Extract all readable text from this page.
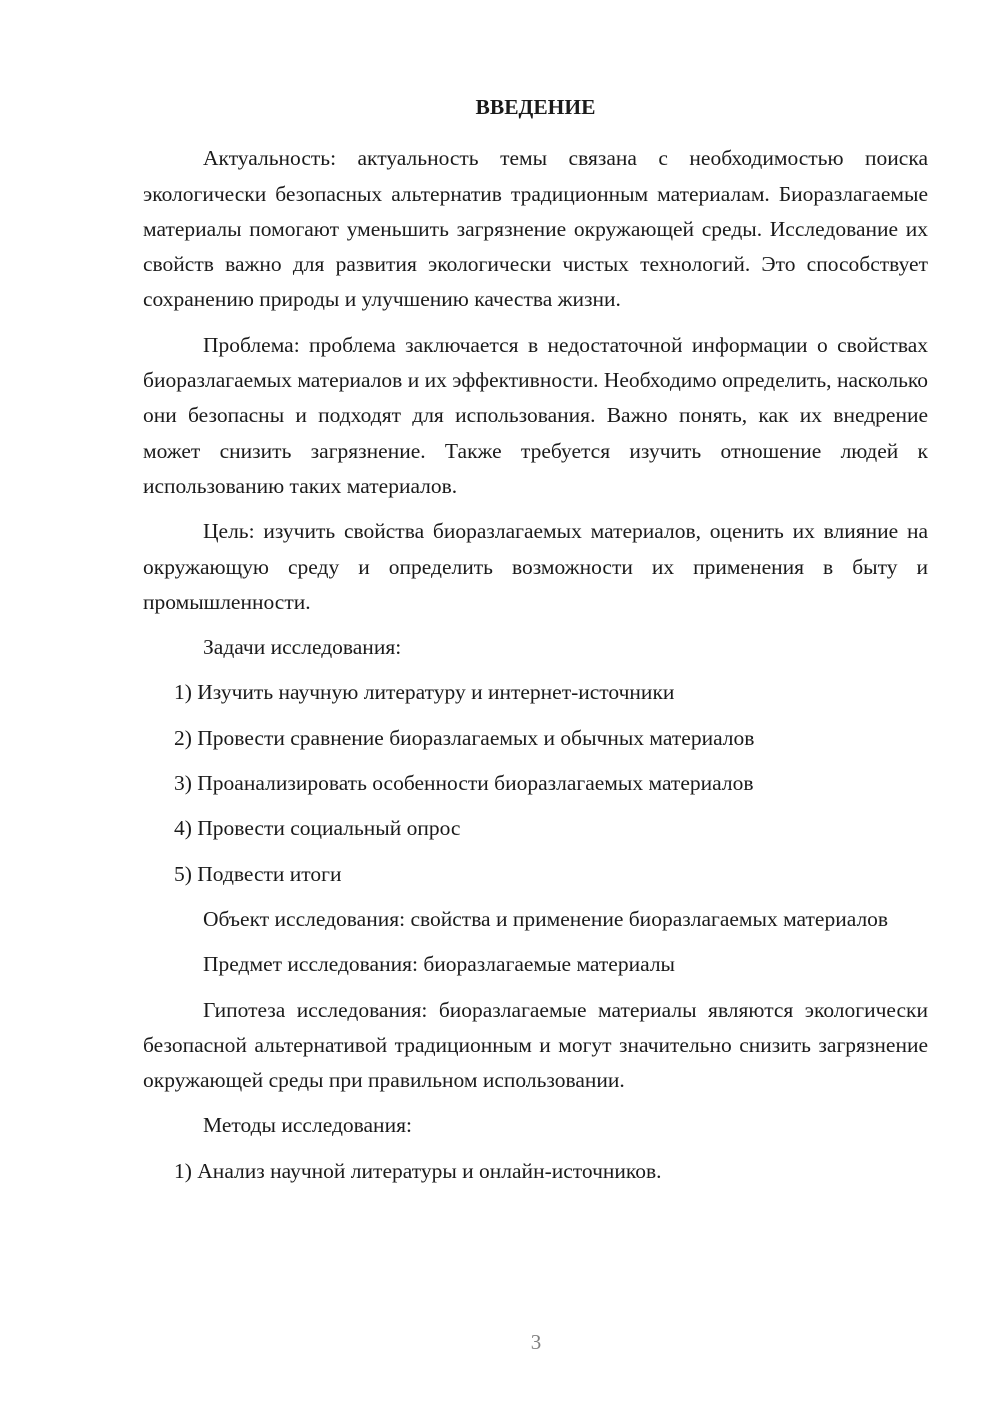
ВВЕДЕНИЕ

Актуальность: актуальность темы связана с необходимостью поиска экологически безопасных альтернатив традиционным материалам. Биоразлагаемые материалы помогают уменьшить загрязнение окружающей среды. Исследование их свойств важно для развития экологически чистых технологий. Это способствует сохранению природы и улучшению качества жизни.

Проблема: проблема заключается в недостаточной информации о свойствах биоразлагаемых материалов и их эффективности. Необходимо определить, насколько они безопасны и подходят для использования. Важно понять, как их внедрение может снизить загрязнение. Также требуется изучить отношение людей к использованию таких материалов.

Цель: изучить свойства биоразлагаемых материалов, оценить их влияние на окружающую среду и определить возможности их применения в быту и промышленности.

Задачи исследования:

1) Изучить научную литературу и интернет-источники

2) Провести сравнение биоразлагаемых и обычных материалов

3) Проанализировать особенности биоразлагаемых материалов

4) Провести социальный опрос

5) Подвести итоги

Объект исследования: свойства и применение биоразлагаемых материалов

Предмет исследования: биоразлагаемые материалы

Гипотеза исследования: биоразлагаемые материалы являются экологически безопасной альтернативой традиционным и могут значительно снизить загрязнение окружающей среды при правильном использовании.

Методы исследования:

1) Анализ научной литературы и онлайн-источников.

3
